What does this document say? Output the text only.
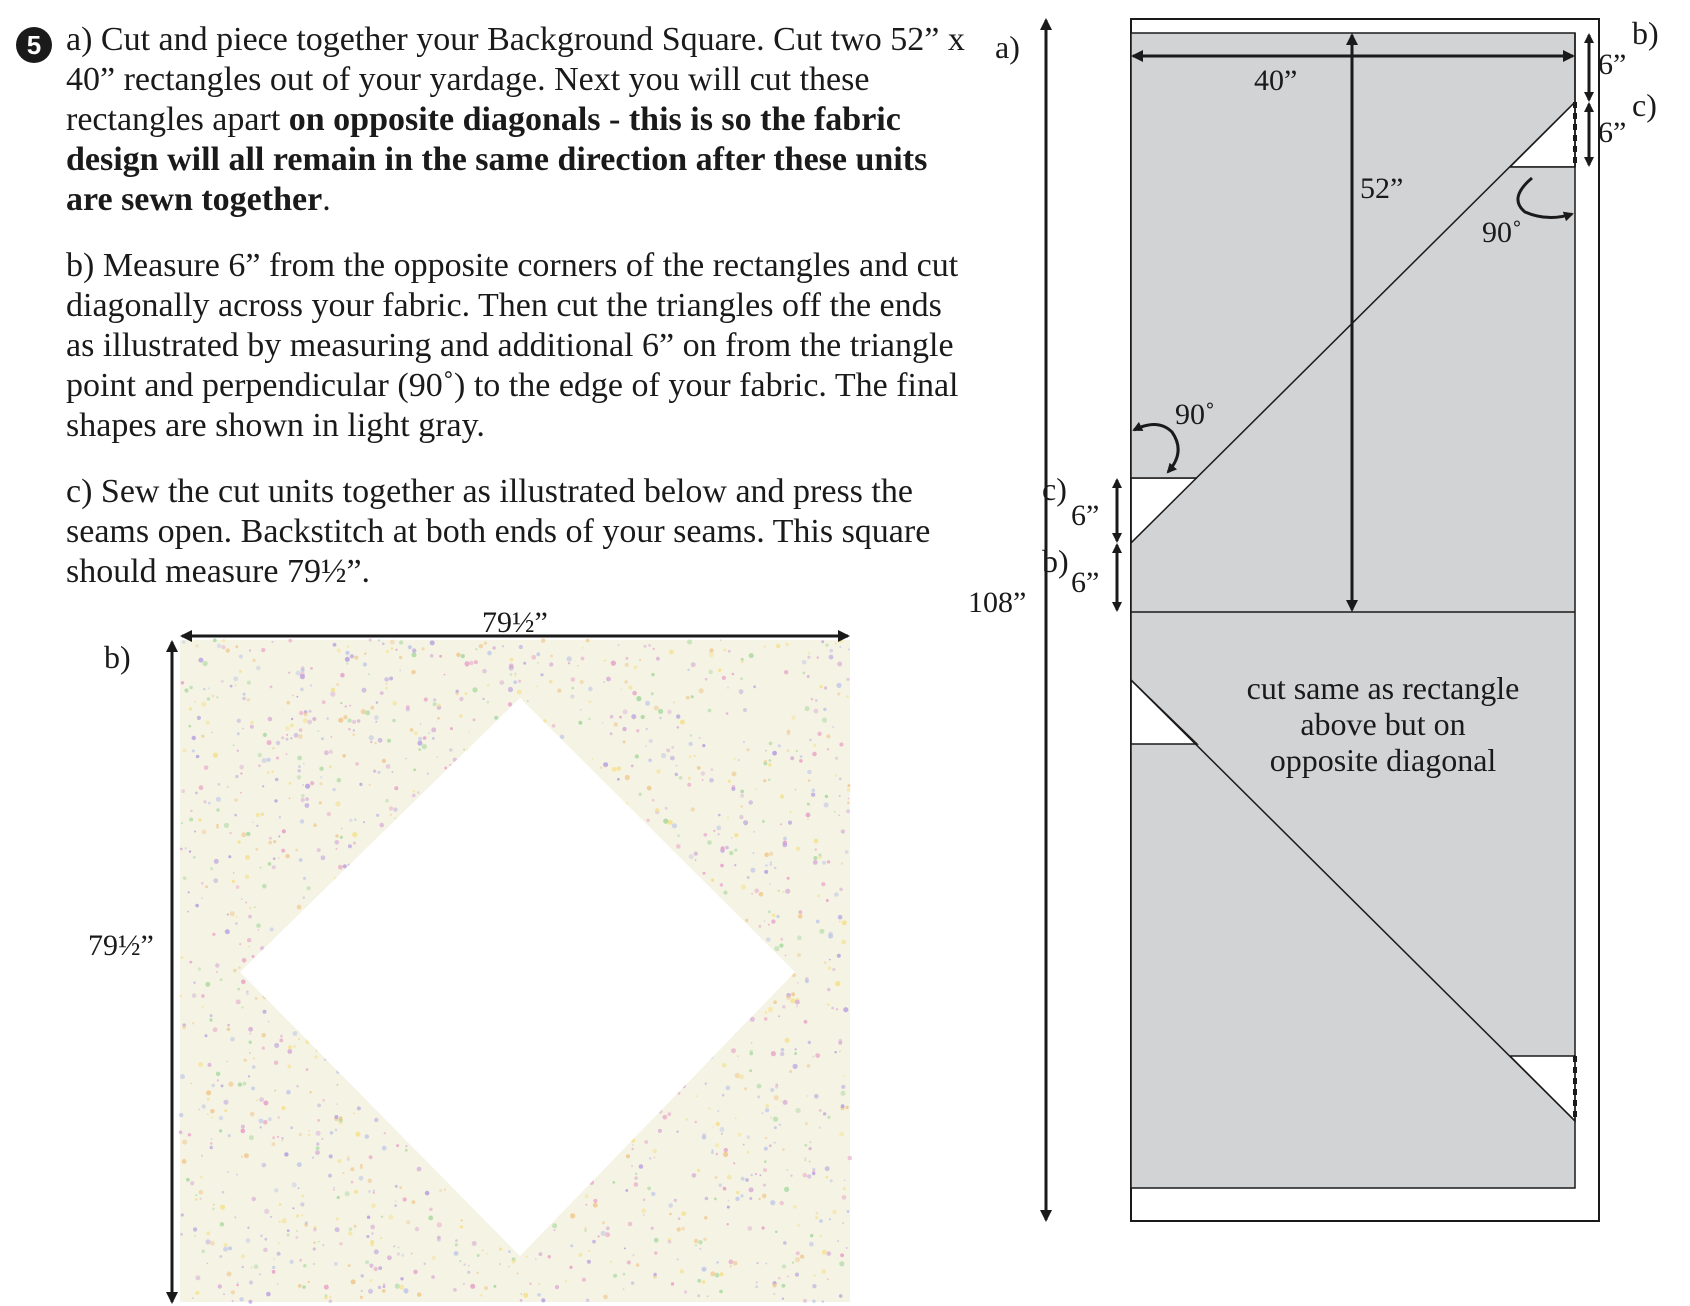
5 a) Cut and piece together your Background Square. Cut two 52” x 40” rectangles out of your yardage. Next you will cut these rectangles apart on opposite diagonals - this is so the fabric design will all remain in the same direction after these units are sewn together.

b) Measure 6” from the opposite corners of the rectangles and cut diagonally across your fabric. Then cut the triangles off the ends as illustrated by measuring and additional 6” on from the triangle point and perpendicular (90˚) to the edge of your fabric. The final shapes are shown in light gray.

c) Sew the cut units together as illustrated below and press the seams open. Backstitch at both ends of your seams. This square should measure 79½”.

79½”
79½”
b)
a)
108”
40”
52”
90˚
90˚
6”
6”
b)
c)
c)
6”
b)
6”
cut same as rectangle
above but on
opposite diagonal
